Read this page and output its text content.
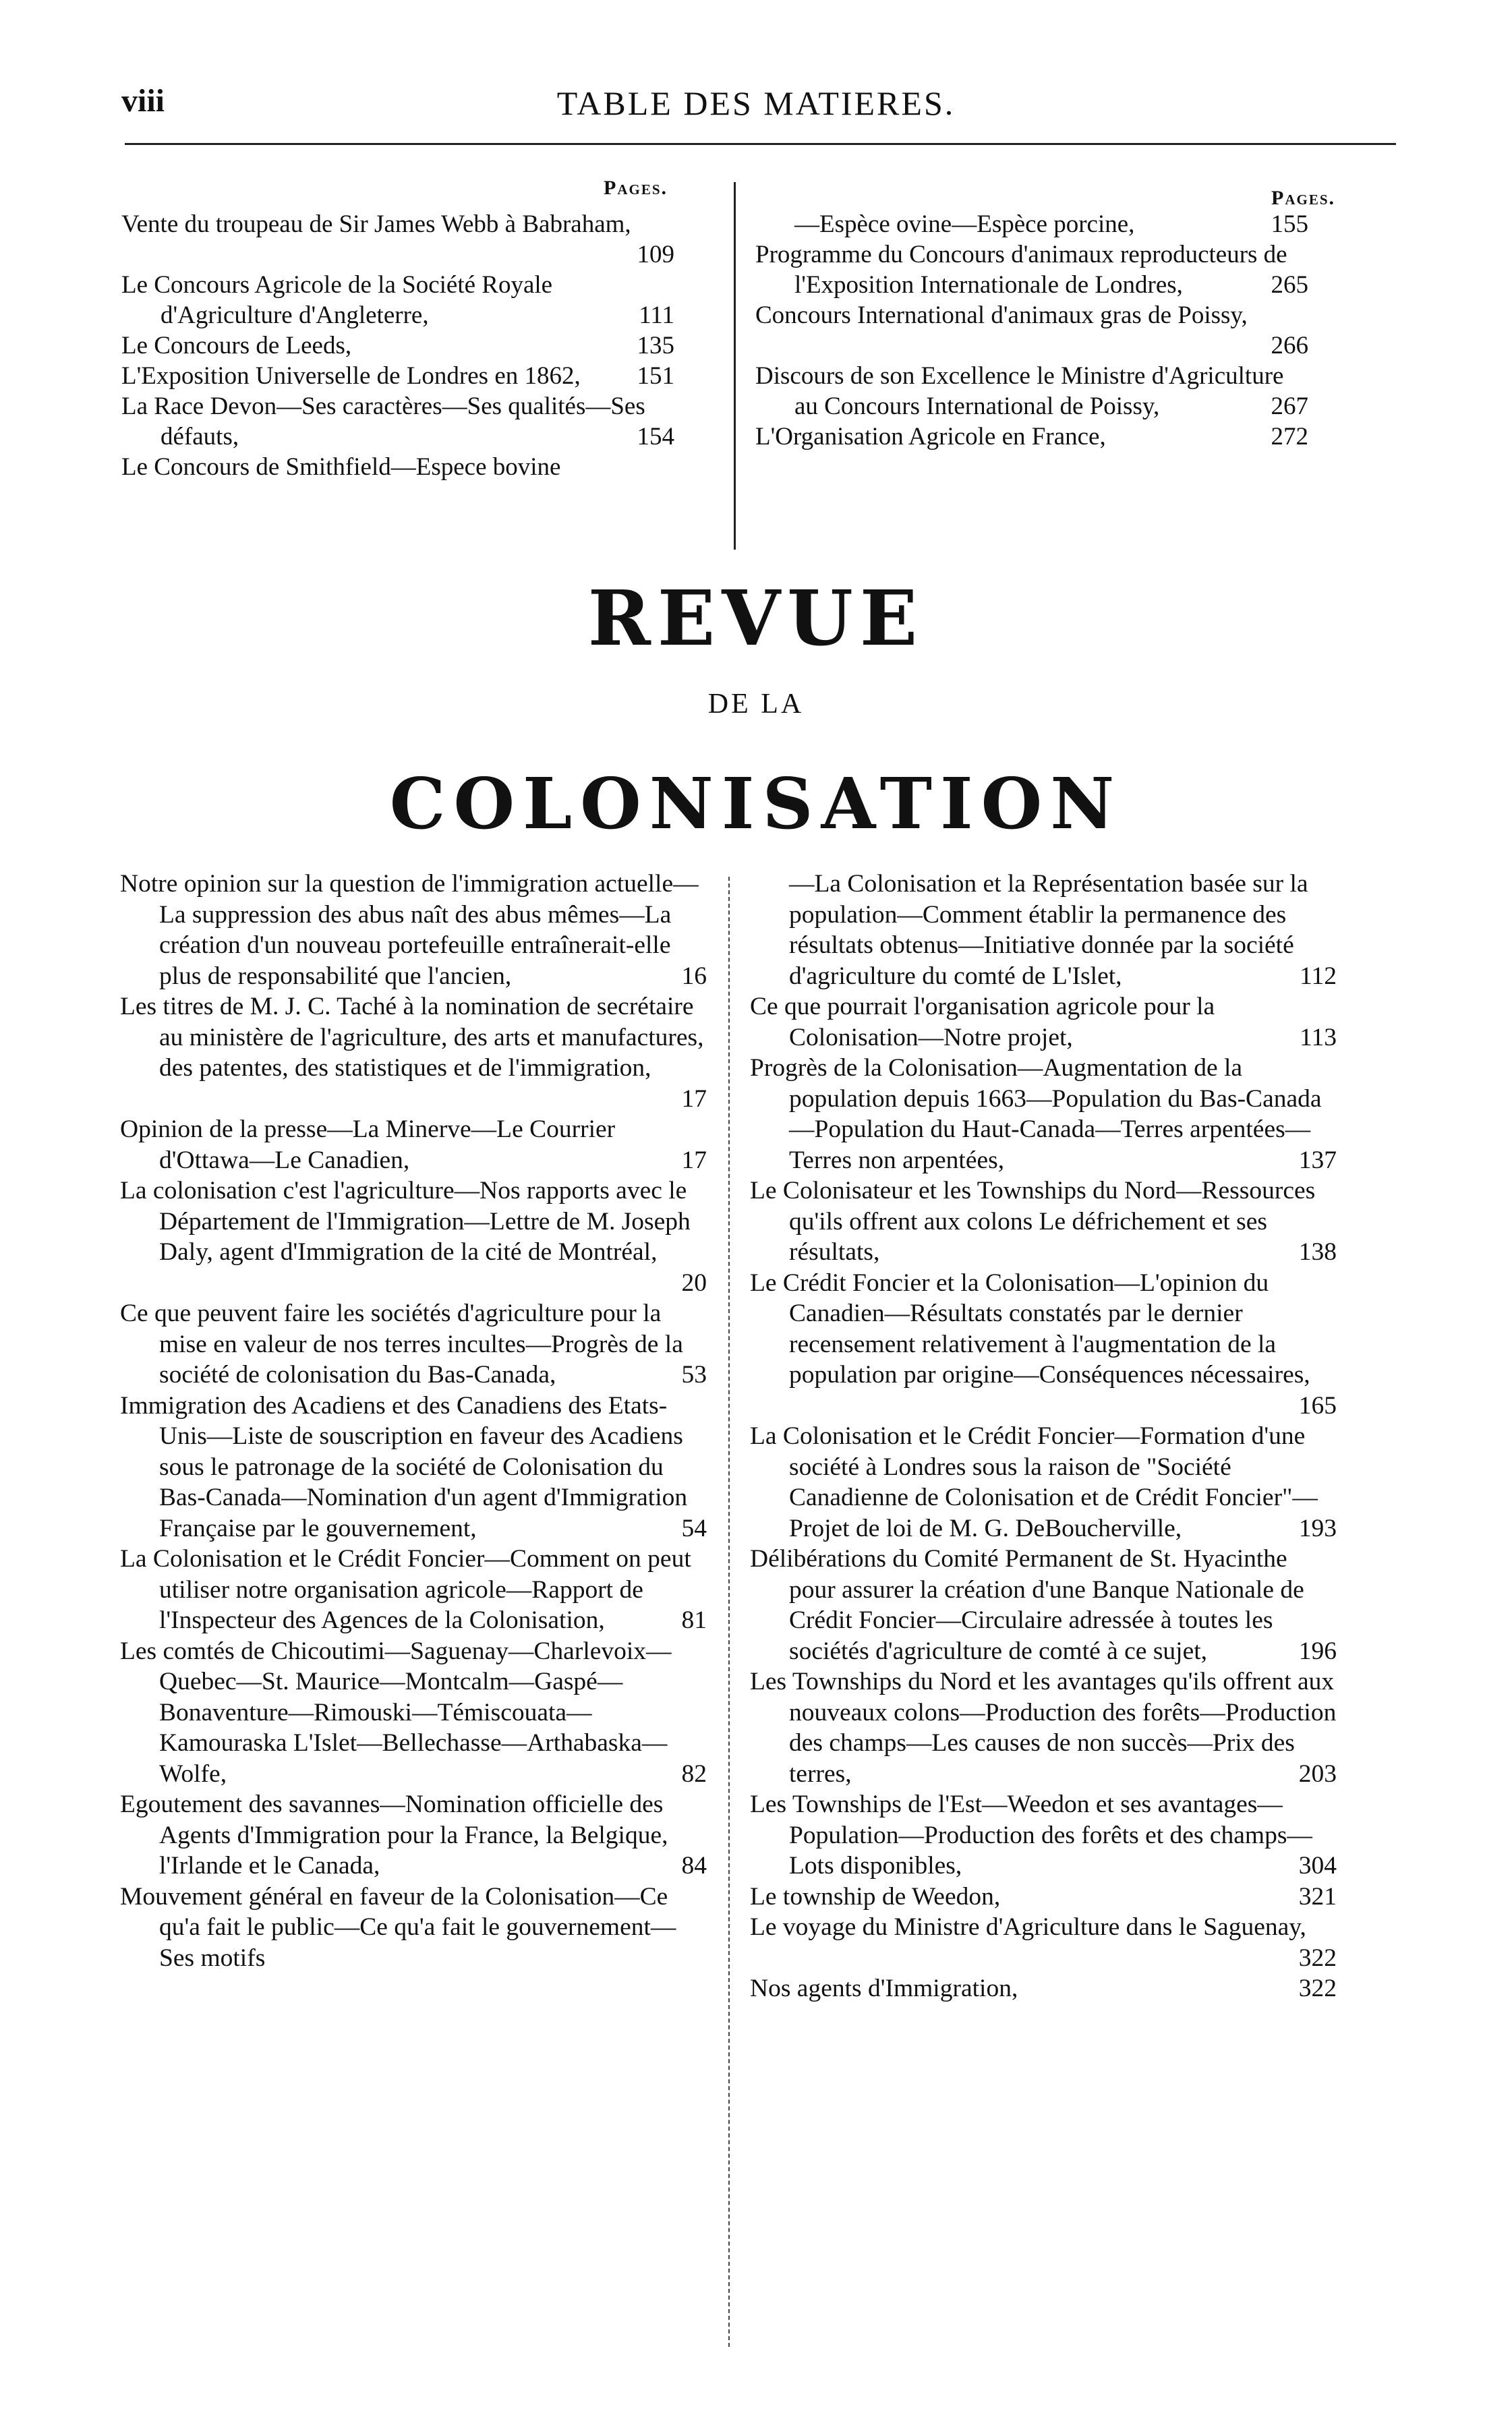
viii	TABLE DES MATIERES.
Pages.	Pages.
Vente du troupeau de Sir James Webb à Babraham,
109
Le Concours Agricole de la Société Royale d'Agriculture d'Angleterre,	111
Le Concours de Leeds,	135
L'Exposition Universelle de Londres en 1862,	151
La Race Devon—Ses caractères—Ses qualités—Ses défauts,	154
Le Concours de Smithfield—Espece bovine
—Espèce ovine—Espèce porcine,	155
Programme du Concours d'animaux reproducteurs de l'Exposition Internationale de Londres,	265
Concours International d'animaux gras de Poissy,
266
Discours de son Excellence le Ministre d'Agriculture au Concours International de Poissy,	267
L'Organisation Agricole en France,	272
REVUE
DE LA
COLONISATION
Notre opinion sur la question de l'immigration actuelle—La suppression des abus naît des abus mêmes—La création d'un nouveau portefeuille entraînerait-elle plus de responsabilité que l'ancien,	16
Les titres de M. J. C. Taché à la nomination de secrétaire au ministère de l'agriculture, des arts et manufactures, des patentes, des statistiques et de l'immigration,
17
Opinion de la presse—La Minerve—Le Courrier d'Ottawa—Le Canadien,	17
La colonisation c'est l'agriculture—Nos rapports avec le Département de l'Immigration—Lettre de M. Joseph Daly, agent d'Immigration de la cité de Montréal,
20
Ce que peuvent faire les sociétés d'agriculture pour la mise en valeur de nos terres incultes—Progrès de la société de colonisation du Bas-Canada,	53
Immigration des Acadiens et des Canadiens des Etats-Unis—Liste de souscription en faveur des Acadiens sous le patronage de la société de Colonisation du Bas-Canada—Nomination d'un agent d'Immigration Française par le gouvernement,	54
La Colonisation et le Crédit Foncier—Comment on peut utiliser notre organisation agricole—Rapport de l'Inspecteur des Agences de la Colonisation,	81
Les comtés de Chicoutimi—Saguenay—Charlevoix—Quebec—St. Maurice—Montcalm—Gaspé—Bonaventure—Rimouski—Témiscouata—Kamouraska L'Islet—Bellechasse—Arthabaska—Wolfe,	82
Egoutement des savannes—Nomination officielle des Agents d'Immigration pour la France, la Belgique, l'Irlande et le Canada,	84
Mouvement général en faveur de la Colonisation—Ce qu'a fait le public—Ce qu'a fait le gouvernement—Ses motifs
—La Colonisation et la Représentation basée sur la population—Comment établir la permanence des résultats obtenus—Initiative donnée par la société d'agriculture du comté de L'Islet,	112
Ce que pourrait l'organisation agricole pour la Colonisation—Notre projet,	113
Progrès de la Colonisation—Augmentation de la population depuis 1663—Population du Bas-Canada—Population du Haut-Canada—Terres arpentées—Terres non arpentées,	137
Le Colonisateur et les Townships du Nord—Ressources qu'ils offrent aux colons Le défrichement et ses résultats,	138
Le Crédit Foncier et la Colonisation—L'opinion du Canadien—Résultats constatés par le dernier recensement relativement à l'augmentation de la population par origine—Conséquences nécessaires,
165
La Colonisation et le Crédit Foncier—Formation d'une société à Londres sous la raison de "Société Canadienne de Colonisation et de Crédit Foncier"—Projet de loi de M. G. DeBoucherville,	193
Délibérations du Comité Permanent de St. Hyacinthe pour assurer la création d'une Banque Nationale de Crédit Foncier—Circulaire adressée à toutes les sociétés d'agriculture de comté à ce sujet,	196
Les Townships du Nord et les avantages qu'ils offrent aux nouveaux colons—Production des forêts—Production des champs—Les causes de non succès—Prix des terres,	203
Les Townships de l'Est—Weedon et ses avantages—Population—Production des forêts et des champs—Lots disponibles,	304
Le township de Weedon,	321
Le voyage du Ministre d'Agriculture dans le Saguenay,
322
Nos agents d'Immigration,	322
